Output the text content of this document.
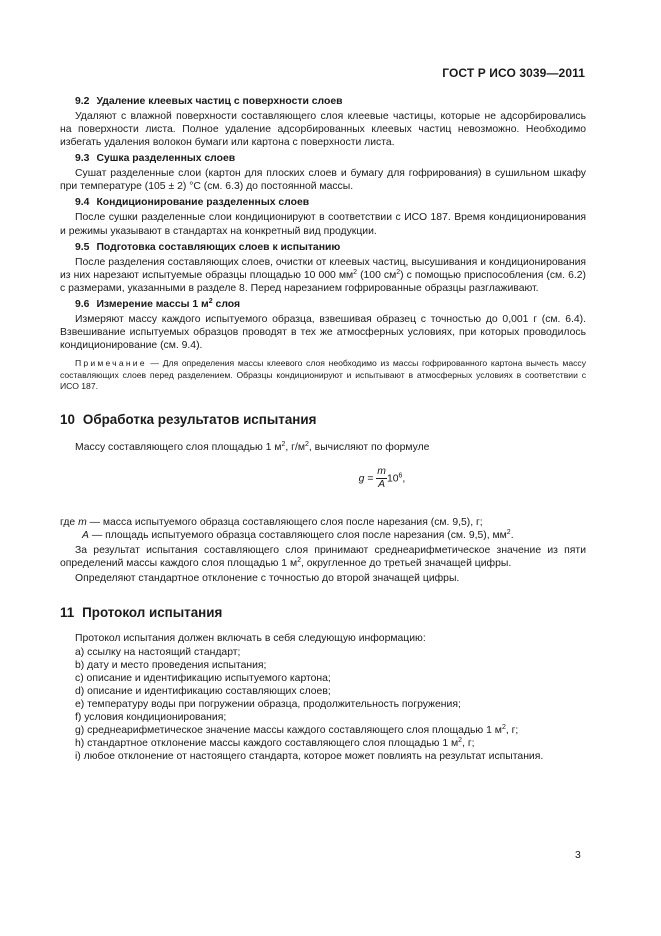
ГОСТ Р ИСО 3039—2011
9.2 Удаление клеевых частиц с поверхности слоев
Удаляют с влажной поверхности составляющего слоя клеевые частицы, которые не адсорбировались на поверхности листа. Полное удаление адсорбированных клеевых частиц невозможно. Необходимо избегать удаления волокон бумаги или картона с поверхности листа.
9.3 Сушка разделенных слоев
Сушат разделенные слои (картон для плоских слоев и бумагу для гофрирования) в сушильном шкафу при температуре (105 ± 2) °C (см. 6.3) до постоянной массы.
9.4 Кондиционирование разделенных слоев
После сушки разделенные слои кондиционируют в соответствии с ИСО 187. Время кондиционирования и режимы указывают в стандартах на конкретный вид продукции.
9.5 Подготовка составляющих слоев к испытанию
После разделения составляющих слоев, очистки от клеевых частиц, высушивания и кондиционирования из них нарезают испытуемые образцы площадью 10 000 $мм^2$ (100 $см^2$) с помощью приспособления (см. 6.2) с размерами, указанными в разделе 8. Перед нарезанием гофрированные образцы разглаживают.
9.6 Измерение массы 1 $м^2$ слоя
Измеряют массу каждого испытуемого образца, взвешивая образец с точностью до 0,001 г (см. 6.4). Взвешивание испытуемых образцов проводят в тех же атмосферных условиях, при которых проводилось кондиционирование (см. 9.4).
Примечание — Для определения массы клеевого слоя необходимо из массы гофрированного картона вычесть массу составляющих слоев перед разделением. Образцы кондиционируют и испытывают в атмосферных условиях в соответствии с ИСО 187.
10 Обработка результатов испытания
Массу составляющего слоя площадью 1 $м^2$, $г/м^2$, вычисляют по формуле
$g = \frac{m}{A} 10^6$,
где m — масса испытуемого образца составляющего слоя после нарезания (см. 9,5), г;
A — площадь испытуемого образца составляющего слоя после нарезания (см. 9,5), $мм^2$.
За результат испытания составляющего слоя принимают среднеарифметическое значение из пяти определений массы каждого слоя площадью 1 $м^2$, округленное до третьей значащей цифры.
Определяют стандартное отклонение с точностью до второй значащей цифры.
11 Протокол испытания
Протокол испытания должен включать в себя следующую информацию:
a) ссылку на настоящий стандарт;
b) дату и место проведения испытания;
c) описание и идентификацию испытуемого картона;
d) описание и идентификацию составляющих слоев;
e) температуру воды при погружении образца, продолжительность погружения;
f) условия кондиционирования;
g) среднеарифметическое значение массы каждого составляющего слоя площадью 1 $м^2$, г;
h) стандартное отклонение массы каждого составляющего слоя площадью 1 $м^2$, г;
i) любое отклонение от настоящего стандарта, которое может повлиять на результат испытания.
3
